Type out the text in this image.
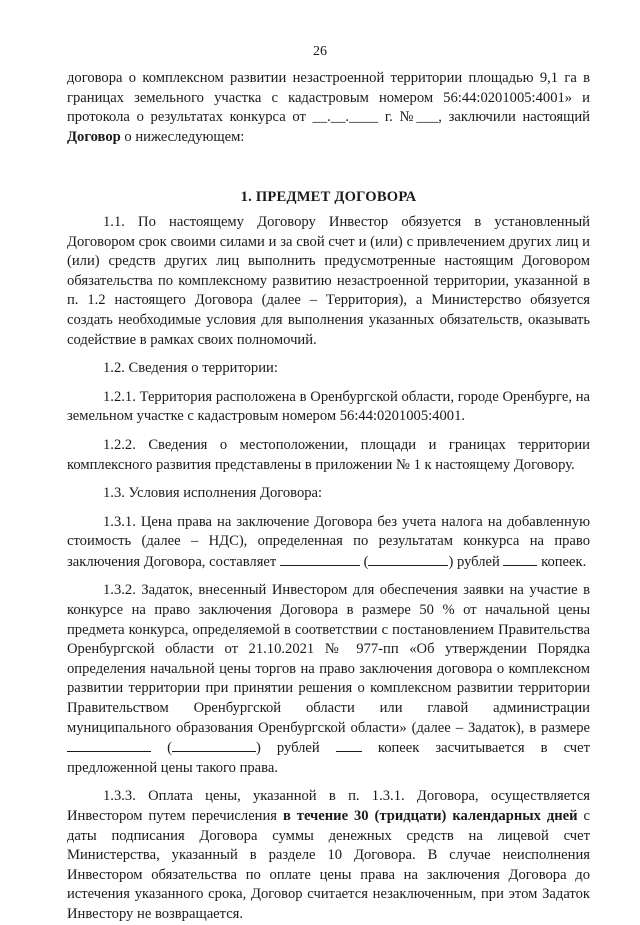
26

договора о комплексном развитии незастроенной территории площадью 9,1 га в границах земельного участка с кадастровым номером 56:44:0201005:4001» и протокола о результатах конкурса от __.__.____ г. №___, заключили настоящий Договор о нижеследующем:

1. ПРЕДМЕТ ДОГОВОРА

1.1. По настоящему Договору Инвестор обязуется в установленный Договором срок своими силами и за свой счет и (или) с привлечением других лиц и (или) средств других лиц выполнить предусмотренные настоящим Договором обязательства по комплексному развитию незастроенной территории, указанной в п. 1.2 настоящего Договора (далее – Территория), а Министерство обязуется создать необходимые условия для выполнения указанных обязательств, оказывать содействие в рамках своих полномочий.

1.2. Сведения о территории:

1.2.1. Территория расположена в Оренбургской области, городе Оренбурге, на земельном участке с кадастровым номером 56:44:0201005:4001.

1.2.2. Сведения о местоположении, площади и границах территории комплексного развития представлены в приложении № 1 к настоящему Договору.

1.3. Условия исполнения Договора:

1.3.1. Цена права на заключение Договора без учета налога на добавленную стоимость (далее – НДС), определенная по результатам конкурса на право заключения Договора, составляет	(	) рублей  копеек.

1.3.2. Задаток, внесенный Инвестором для обеспечения заявки на участие в конкурсе на право заключения Договора в размере 50 % от начальной цены предмета конкурса, определяемой в соответствии с постановлением Правительства Оренбургской области от 21.10.2021 № 977-пп «Об утверждении Порядка определения начальной цены торгов на право заключения договора о комплексном развитии территории при принятии решения о комплексном развитии территории Правительством Оренбургской области или главой администрации муниципального образования Оренбургской области» (далее – Задаток), в размере  (	) рублей  копеек засчитывается в счет предложенной цены такого права.

1.3.3. Оплата цены, указанной в п. 1.3.1. Договора, осуществляется Инвестором путем перечисления в течение 30 (тридцати) календарных дней с даты подписания Договора суммы денежных средств на лицевой счет Министерства, указанный в разделе 10 Договора. В случае неисполнения Инвестором обязательства по оплате цены права на заключения Договора до истечения указанного срока, Договор считается незаключенным, при этом Задаток Инвестору не возвращается.
